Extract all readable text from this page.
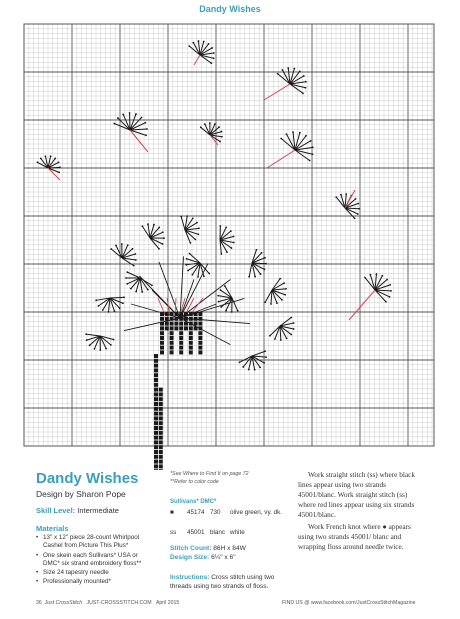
Dandy Wishes
Dandy Wishes
Design by Sharon Pope
Skill Level: Intermediate
Materials
• 13" x 12" piece 28-count Whirlpool Cashel from Picture This Plus*
• One skein each Sullivans* USA or DMC* six strand embroidery floss**
• Size 24 tapestry needle
• Professionally mounted*
*See Where to Find It on page 72
**Refer to color code
Sullivans* DMC*
■ 45174 730 olive green, vy. dk.
ss 45001 blanc white
Stitch Count: 86H x 84W
Design Size: 6¼" x 6"
Instructions: Cross stitch using two threads using two strands of floss.

Work straight stitch (ss) where black lines appear using two strands 45001/blanc. Work straight stitch (ss) where red lines appear using six strands 45001/blanc.

Work French knot where ● appears using two strands 45001/ blanc and wrapping floss around needle twice.

36 Just CrossStitch JUST-CROSSSTITCH.COM April 2015	FIND US @ www.facebook.com/JustCrossStitchMagazine
